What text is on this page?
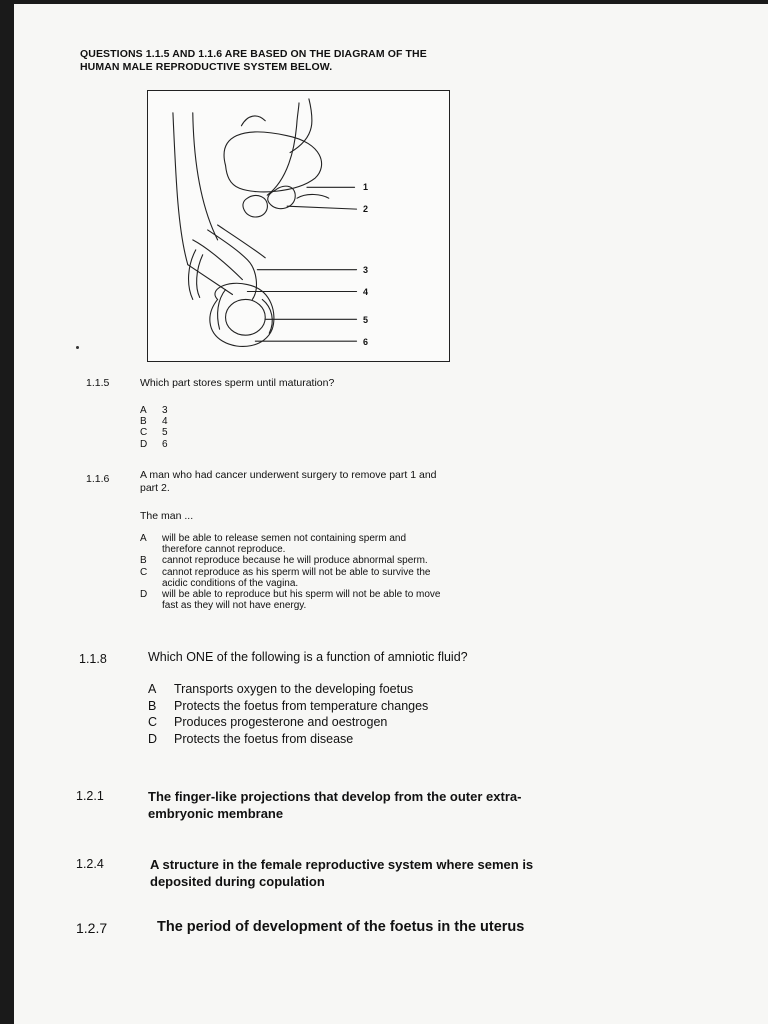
QUESTIONS 1.1.5 AND 1.1.6 ARE BASED ON THE DIAGRAM OF THE
HUMAN MALE REPRODUCTIVE SYSTEM BELOW.
1
2
3
4
5
6
1.1.5	Which part stores sperm until maturation?
A	3
B	4
C	5
D	6
1.1.6	A man who had cancer underwent surgery to remove part 1 and
part 2.
The man ...
A	will be able to release semen not containing sperm and
therefore cannot reproduce.
B	cannot reproduce because he will produce abnormal sperm.
C	cannot reproduce as his sperm will not be able to survive the
acidic conditions of the vagina.
D	will be able to reproduce but his sperm will not be able to move
fast as they will not have energy.
1.1.8	Which ONE of the following is a function of amniotic fluid?
A	Transports oxygen to the developing foetus
B	Protects the foetus from temperature changes
C	Produces progesterone and oestrogen
D	Protects the foetus from disease
1.2.1	The finger-like projections that develop from the outer extra-
embryonic membrane
1.2.4	A structure in the female reproductive system where semen is
deposited during copulation
1.2.7	The period of development of the foetus in the uterus
